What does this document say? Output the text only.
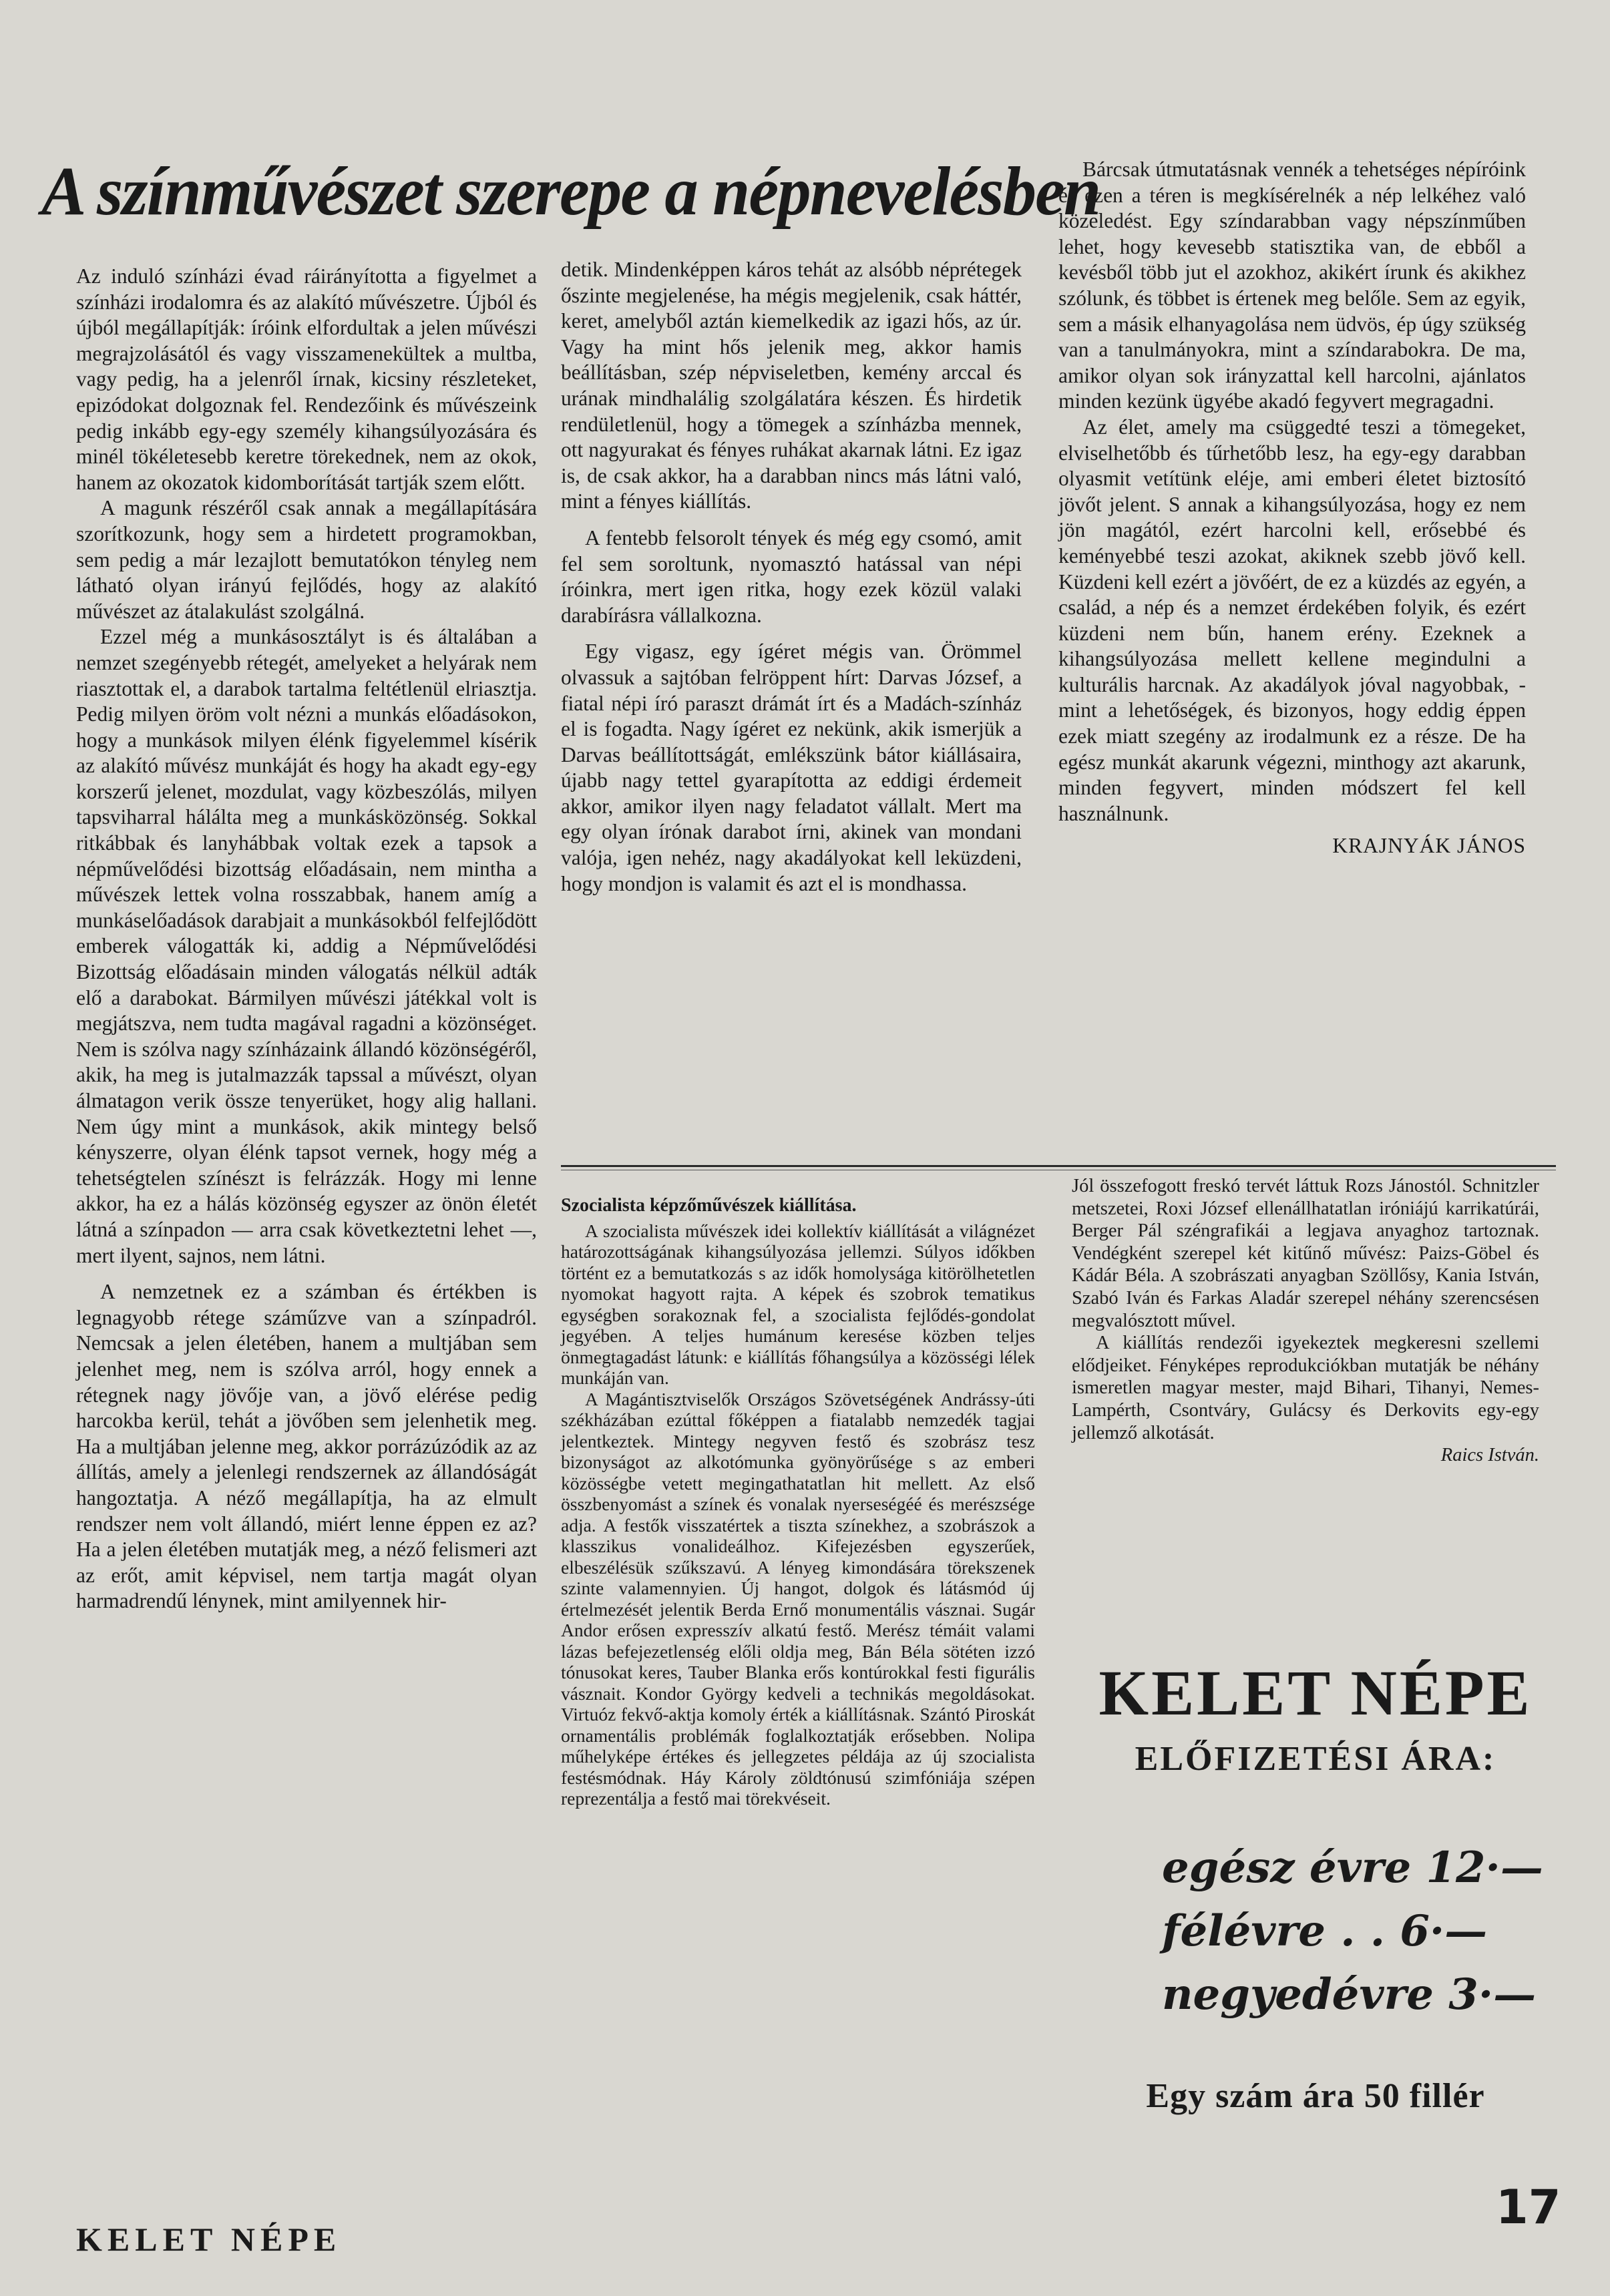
A színművészet szerepe a népnevelésben

Az induló színházi évad ráirányította a figyelmet a színházi irodalomra és az alakító művészetre. Újból és újból megállapítják: íróink elfordultak a jelen művészi megrajzolásától és vagy visszamenekültek a multba, vagy pedig, ha a jelenről írnak, kicsiny részleteket, epizódokat dolgoznak fel. Rendezőink és művészeink pedig inkább egy-egy személy kihangsúlyozására és minél tökéletesebb keretre törekednek, nem az okok, hanem az okozatok kidomborítását tartják szem előtt.

A magunk részéről csak annak a megállapítására szorítkozunk, hogy sem a hirdetett programokban, sem pedig a már lezajlott bemutatókon tényleg nem látható olyan irányú fejlődés, hogy az alakító művészet az átalakulást szolgálná.

Ezzel még a munkásosztályt is és általában a nemzet szegényebb rétegét, amelyeket a helyárak nem riasztottak el, a darabok tartalma feltétlenül elriasztja. Pedig milyen öröm volt nézni a munkás előadásokon, hogy a munkások milyen élénk figyelemmel kísérik az alakító művész munkáját és hogy ha akadt egy-egy korszerű jelenet, mozdulat, vagy közbeszólás, milyen tapsviharral hálálta meg a munkásközönség. Sokkal ritkábbak és lanyhábbak voltak ezek a tapsok a népművelődési bizottság előadásain, nem mintha a művészek lettek volna rosszabbak, hanem amíg a munkáselőadások darabjait a munkásokból felfejlődött emberek válogatták ki, addig a Népművelődési Bizottság előadásain minden válogatás nélkül adták elő a darabokat. Bármilyen művészi játékkal volt is megjátszva, nem tudta magával ragadni a közönséget. Nem is szólva nagy színházaink állandó közönségéről, akik, ha meg is jutalmazzák tapssal a művészt, olyan álmatagon verik össze tenyerüket, hogy alig hallani. Nem úgy mint a munkások, akik mintegy belső kényszerre, olyan élénk tapsot vernek, hogy még a tehetségtelen színészt is felrázzák. Hogy mi lenne akkor, ha ez a hálás közönség egyszer az önön életét látná a színpadon — arra csak következtetni lehet —, mert ilyent, sajnos, nem látni.

A nemzetnek ez a számban és értékben is legnagyobb rétege száműzve van a színpadról. Nemcsak a jelen életében, hanem a multjában sem jelenhet meg, nem is szólva arról, hogy ennek a rétegnek nagy jövője van, a jövő elérése pedig harcokba kerül, tehát a jövőben sem jelenhetik meg. Ha a multjában jelenne meg, akkor porrázúzódik az az állítás, amely a jelenlegi rendszernek az állandóságát hangoztatja. A néző megállapítja, ha az elmult rendszer nem volt állandó, miért lenne éppen ez az? Ha a jelen életében mutatják meg, a néző felismeri azt az erőt, amit képvisel, nem tartja magát olyan harmadrendű lénynek, mint amilyennek hir-

detik. Mindenképpen káros tehát az alsóbb néprétegek őszinte megjelenése, ha mégis megjelenik, csak háttér, keret, amelyből aztán kiemelkedik az igazi hős, az úr. Vagy ha mint hős jelenik meg, akkor hamis beállításban, szép népviseletben, kemény arccal és urának mindhalálig szolgálatára készen. És hirdetik rendületlenül, hogy a tömegek a színházba mennek, ott nagyurakat és fényes ruhákat akarnak látni. Ez igaz is, de csak akkor, ha a darabban nincs más látni való, mint a fényes kiállítás.

A fentebb felsorolt tények és még egy csomó, amit fel sem soroltunk, nyomasztó hatással van népi íróinkra, mert igen ritka, hogy ezek közül valaki darabírásra vállalkozna.

Egy vigasz, egy ígéret mégis van. Örömmel olvassuk a sajtóban felröppent hírt: Darvas József, a fiatal népi író paraszt drámát írt és a Madách-színház el is fogadta. Nagy ígéret ez nekünk, akik ismerjük a Darvas beállítottságát, emlékszünk bátor kiállásaira, újabb nagy tettel gyarapította az eddigi érdemeit akkor, amikor ilyen nagy feladatot vállalt. Mert ma egy olyan írónak darabot írni, akinek van mondani valója, igen nehéz, nagy akadályokat kell leküzdeni, hogy mondjon is valamit és azt el is mondhassa.

Bárcsak útmutatásnak vennék a tehetséges népíróink és ezen a téren is megkísérelnék a nép lelkéhez való közeledést. Egy színdarabban vagy népszínműben lehet, hogy kevesebb statisztika van, de ebből a kevésből több jut el azokhoz, akikért írunk és akikhez szólunk, és többet is értenek meg belőle. Sem az egyik, sem a másik elhanyagolása nem üdvös, ép úgy szükség van a tanulmányokra, mint a színdarabokra. De ma, amikor olyan sok irányzattal kell harcolni, ajánlatos minden kezünk ügyébe akadó fegyvert megragadni.

Az élet, amely ma csüggedté teszi a tömegeket, elviselhetőbb és tűrhetőbb lesz, ha egy-egy darabban olyasmit vetítünk eléje, ami emberi életet biztosító jövőt jelent. S annak a kihangsúlyozása, hogy ez nem jön magától, ezért harcolni kell, erősebbé és keményebbé teszi azokat, akiknek szebb jövő kell. Küzdeni kell ezért a jövőért, de ez a küzdés az egyén, a család, a nép és a nemzet érdekében folyik, és ezért küzdeni nem bűn, hanem erény. Ezeknek a kihangsúlyozása mellett kellene megindulni a kulturális harcnak. Az akadályok jóval nagyobbak, - mint a lehetőségek, és bizonyos, hogy eddig éppen ezek miatt szegény az irodalmunk ez a része. De ha egész munkát akarunk végezni, minthogy azt akarunk, minden fegyvert, minden módszert fel kell használnunk.

KRAJNYÁK JÁNOS
Szocialista képzőművészek kiállítása.

A szocialista művészek idei kollektív kiállítását a világnézet határozottságának kihangsúlyozása jellemzi. Súlyos időkben történt ez a bemutatkozás s az idők homolysága kitörölhetetlen nyomokat hagyott rajta. A képek és szobrok tematikus egységben sorakoznak fel, a szocialista fejlődés-gondolat jegyében. A teljes humánum keresése közben teljes önmegtagadást látunk: e kiállítás főhangsúlya a közösségi lélek munkáján van.

A Magántisztviselők Országos Szövetségének Andrássy-úti székházában ezúttal főképpen a fiatalabb nemzedék tagjai jelentkeztek. Mintegy negyven festő és szobrász tesz bizonyságot az alkotómunka gyönyörűsége s az emberi közösségbe vetett megingathatatlan hit mellett. Az első összbenyomást a színek és vonalak nyerseségéé és merészsége adja. A festők visszatértek a tiszta színekhez, a szobrászok a klasszikus vonalideálhoz. Kifejezésben egyszerűek, elbeszélésük szűkszavú. A lényeg kimondására törekszenek szinte valamennyien. Új hangot, dolgok és látásmód új értelmezését jelentik Berda Ernő monumentális vásznai. Sugár Andor erősen expresszív alkatú festő. Merész témáit valami lázas befejezetlenség előli oldja meg, Bán Béla sötéten izzó tónusokat keres, Tauber Blanka erős kontúrokkal festi figurális vásznait. Kondor György kedveli a technikás megoldásokat. Virtuóz fekvő-aktja komoly érték a kiállításnak. Szántó Piroskát ornamentális problémák foglalkoztatják erősebben. Nolipa műhelyképe értékes és jellegzetes példája az új szocialista festésmódnak. Háy Károly zöldtónusú szimfóniája szépen reprezentálja a festő mai törekvéseit.

Jól összefogott freskó tervét láttuk Rozs Jánostól. Schnitzler metszetei, Roxi József ellenállhatatlan iróniájú karrikatúrái, Berger Pál széngrafikái a legjava anyaghoz tartoznak. Vendégként szerepel két kitűnő művész: Paizs-Göbel és Kádár Béla. A szobrászati anyagban Szöllősy, Kania István, Szabó Iván és Farkas Aladár szerepel néhány szerencsésen megvalósztott művel.

A kiállítás rendezői igyekeztek megkeresni szellemi elődjeiket. Fényképes reprodukciókban mutatják be néhány ismeretlen magyar mester, majd Bihari, Tihanyi, Nemes-Lampérth, Csontváry, Gulácsy és Derkovits egy-egy jellemző alkotását.

Raics István.
KELET NÉPE
ELŐFIZETÉSI ÁRA:
egész évre 12·—
félévre . . 6·—
negyedévre 3·—
Egy szám ára 50 fillér
KELET NÉPE
17
